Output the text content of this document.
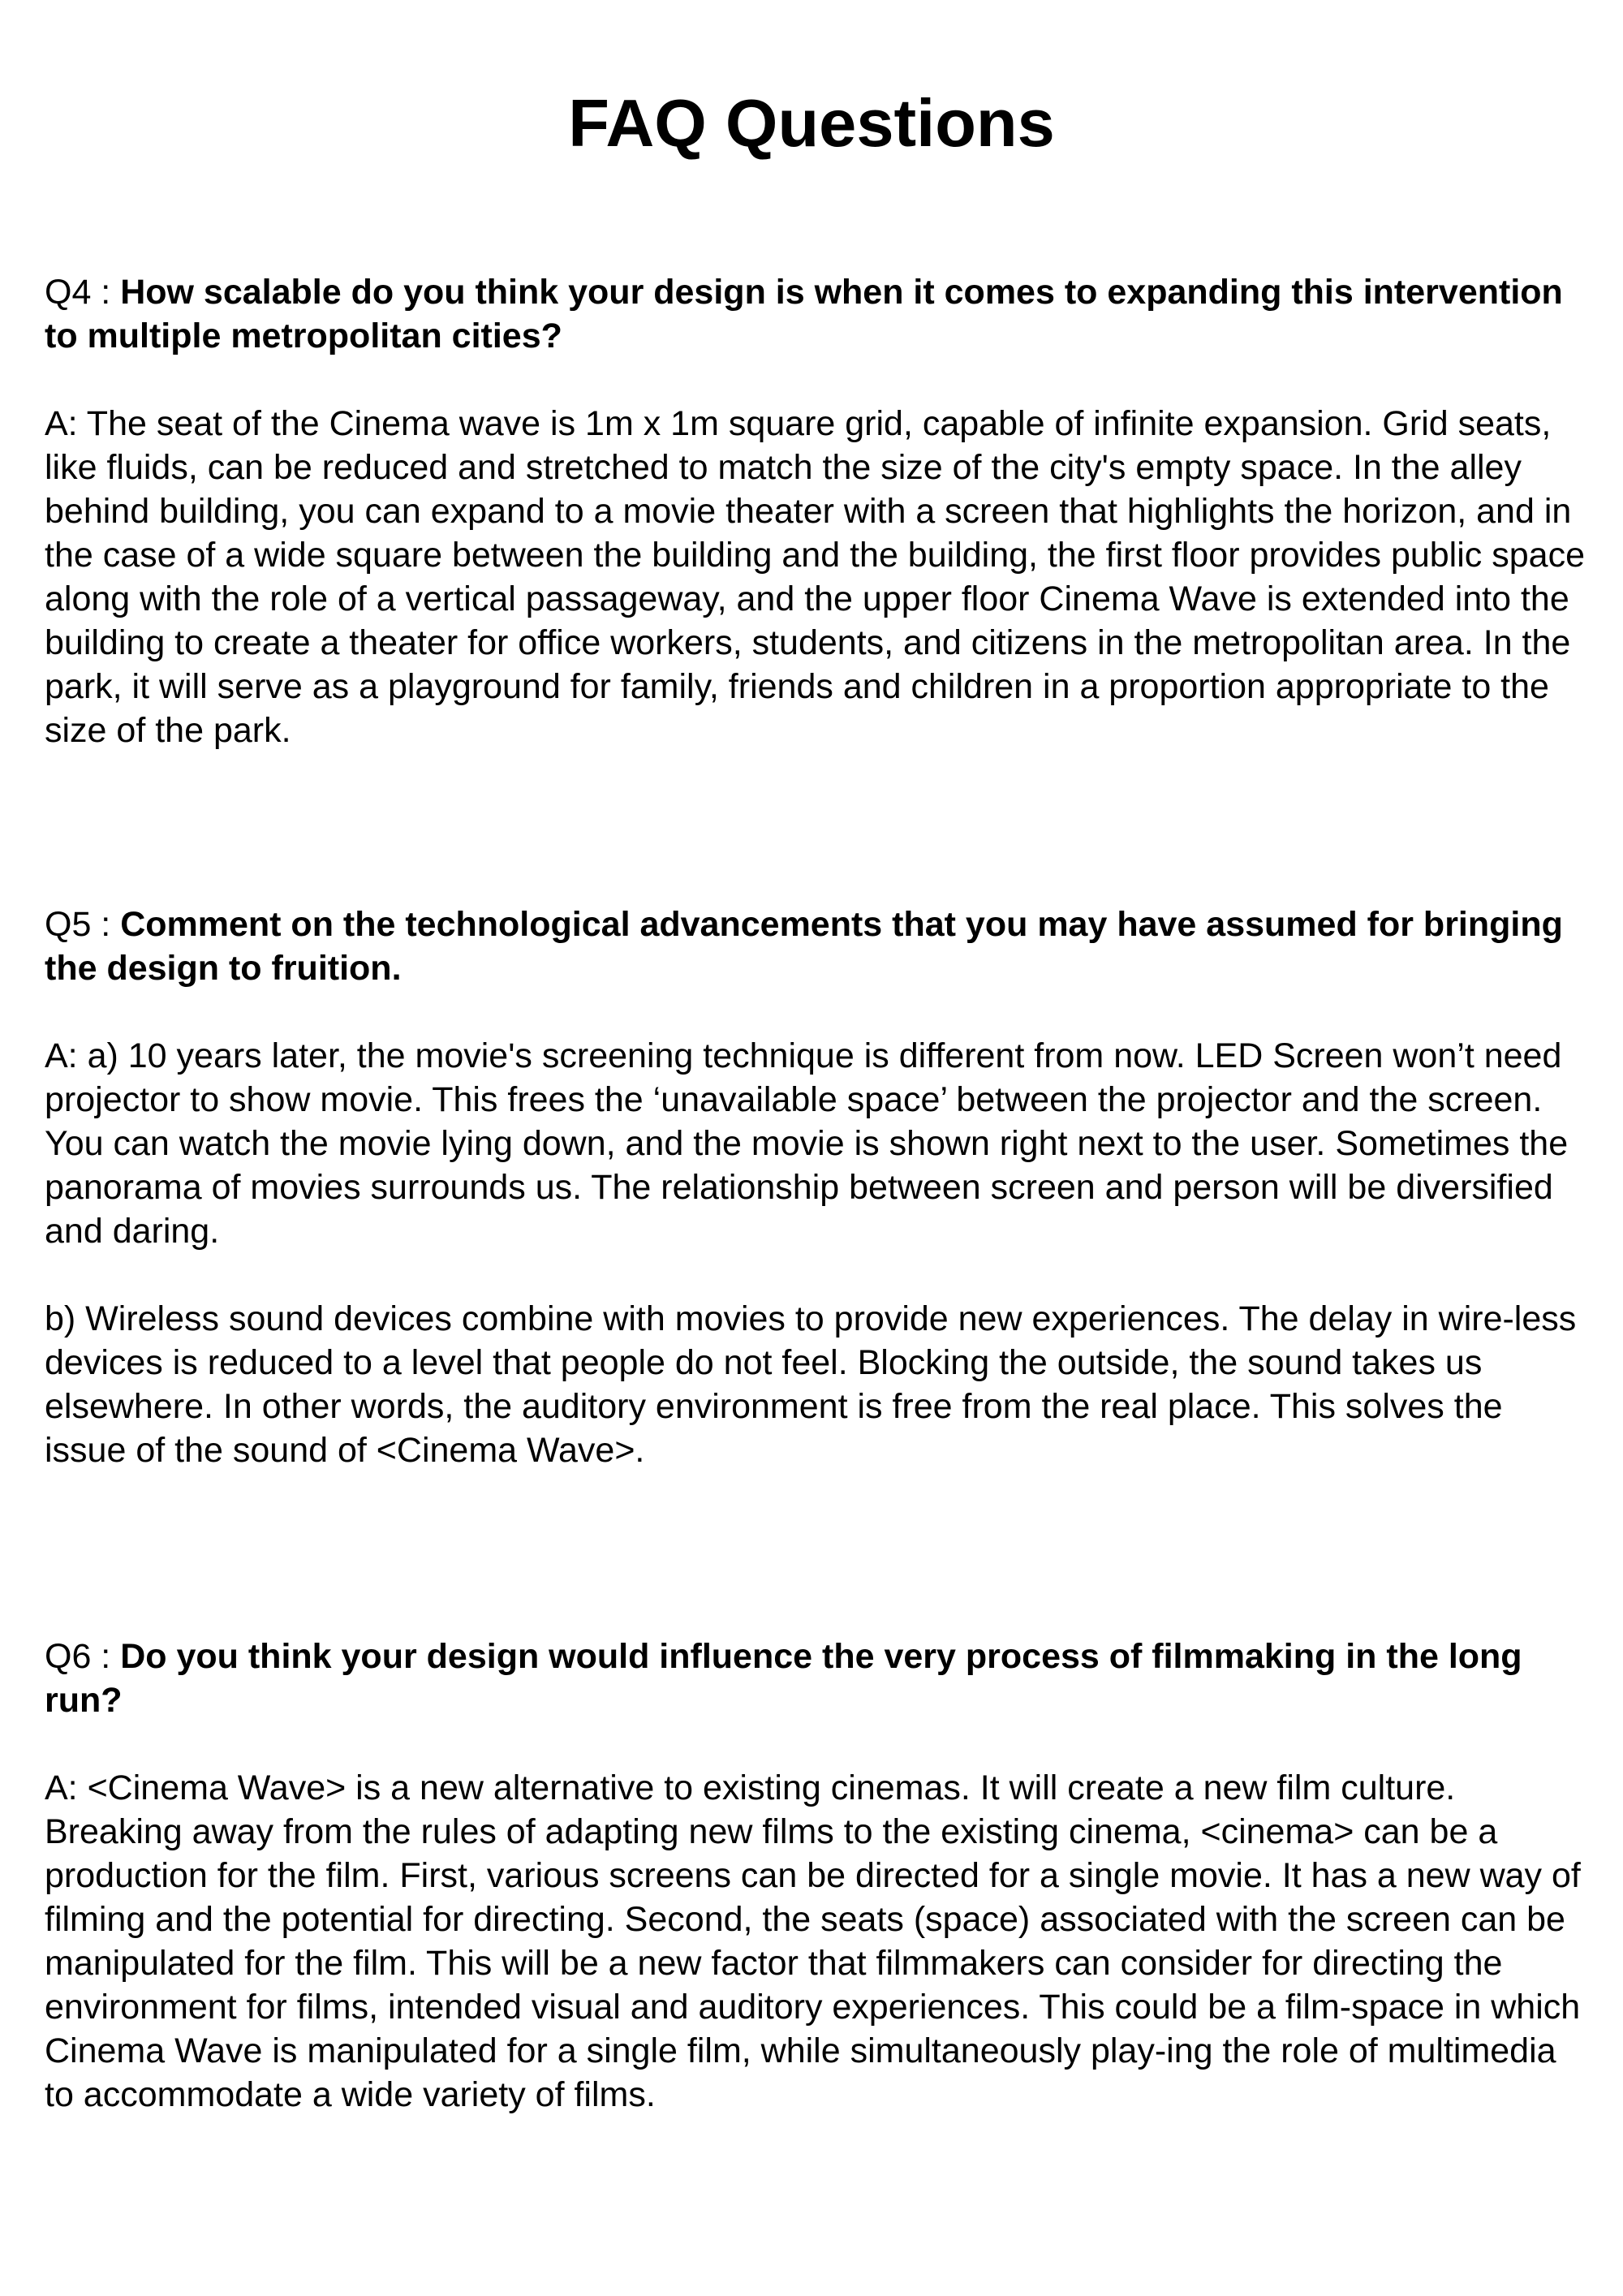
FAQ Questions

Q4 : How scalable do you think your design is when it comes to expanding this intervention to multiple metropolitan cities?

A: The seat of the Cinema wave is 1m x 1m square grid, capable of infinite expansion. Grid seats, like fluids, can be reduced and stretched to match the size of the city's empty space. In the alley behind building, you can expand to a movie theater with a screen that highlights the horizon, and in the case of a wide square between the building and the building, the first floor provides public space along with the role of a vertical passageway, and the upper floor Cinema Wave is extended into the building to create a theater for office workers, students, and citizens in the metropolitan area. In the park, it will serve as a playground for family, friends and children in a proportion appropriate to the size of the park.

Q5 : Comment on the technological advancements that you may have assumed for bringing the design to fruition.

A: a) 10 years later, the movie's screening technique is different from now. LED Screen won’t need projector to show movie. This frees the ‘unavailable space’ between the projector and the screen. You can watch the movie lying down, and the movie is shown right next to the user. Sometimes the panorama of movies surrounds us. The relationship between screen and person will be diversified and daring.

b) Wireless sound devices combine with movies to provide new experiences. The delay in wire-less devices is reduced to a level that people do not feel. Blocking the outside, the sound takes us elsewhere. In other words, the auditory environment is free from the real place. This solves the issue of the sound of <Cinema Wave>.

Q6 : Do you think your design would influence the very process of filmmaking in the long run?

A: <Cinema Wave> is a new alternative to existing cinemas. It will create a new film culture. Breaking away from the rules of adapting new films to the existing cinema, <cinema> can be a production for the film. First, various screens can be directed for a single movie. It has a new way of filming and the potential for directing. Second, the seats (space) associated with the screen can be manipulated for the film. This will be a new factor that filmmakers can consider for directing the environment for films, intended visual and auditory experiences. This could be a film-space in which Cinema Wave is manipulated for a single film, while simultaneously play-ing the role of multimedia to accommodate a wide variety of films.
